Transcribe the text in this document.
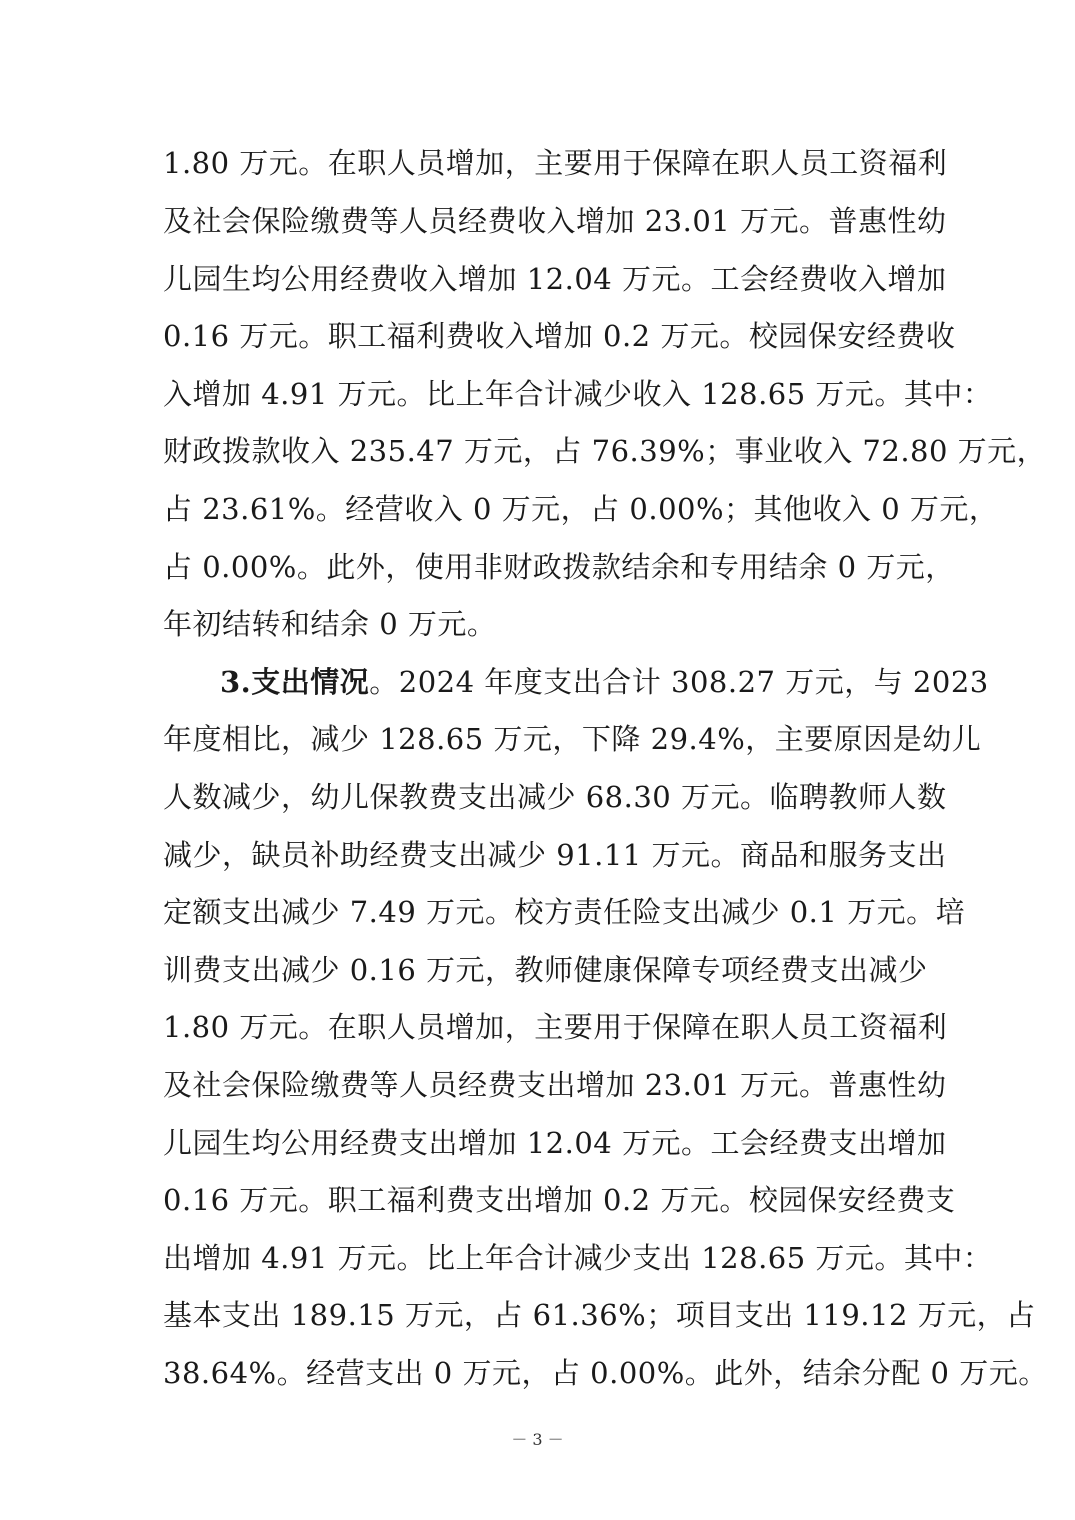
1.80 万元。在职人员增加，主要用于保障在职人员工资福利
及社会保险缴费等人员经费收入增加 23.01 万元。普惠性幼
儿园生均公用经费收入增加 12.04 万元。工会经费收入增加
0.16 万元。职工福利费收入增加 0.2 万元。校园保安经费收
入增加 4.91 万元。比上年合计减少收入 128.65 万元。其中：
财政拨款收入 235.47 万元，占 76.39%；事业收入 72.80 万元，
占 23.61%。经营收入 0 万元，占 0.00%；其他收入 0 万元，
占 0.00%。此外，使用非财政拨款结余和专用结余 0 万元，
年初结转和结余 0 万元。
3.支出情况。2024 年度支出合计 308.27 万元，与 2023
年度相比，减少 128.65 万元，下降 29.4%，主要原因是幼儿
人数减少，幼儿保教费支出减少 68.30 万元。临聘教师人数
减少，缺员补助经费支出减少 91.11 万元。商品和服务支出
定额支出减少 7.49 万元。校方责任险支出减少 0.1 万元。培
训费支出减少 0.16 万元，教师健康保障专项经费支出减少
1.80 万元。在职人员增加，主要用于保障在职人员工资福利
及社会保险缴费等人员经费支出增加 23.01 万元。普惠性幼
儿园生均公用经费支出增加 12.04 万元。工会经费支出增加
0.16 万元。职工福利费支出增加 0.2 万元。校园保安经费支
出增加 4.91 万元。比上年合计减少支出 128.65 万元。其中：
基本支出 189.15 万元，占 61.36%；项目支出 119.12 万元，占
38.64%。经营支出 0 万元，占 0.00%。此外，结余分配 0 万元。
－ 3 －
